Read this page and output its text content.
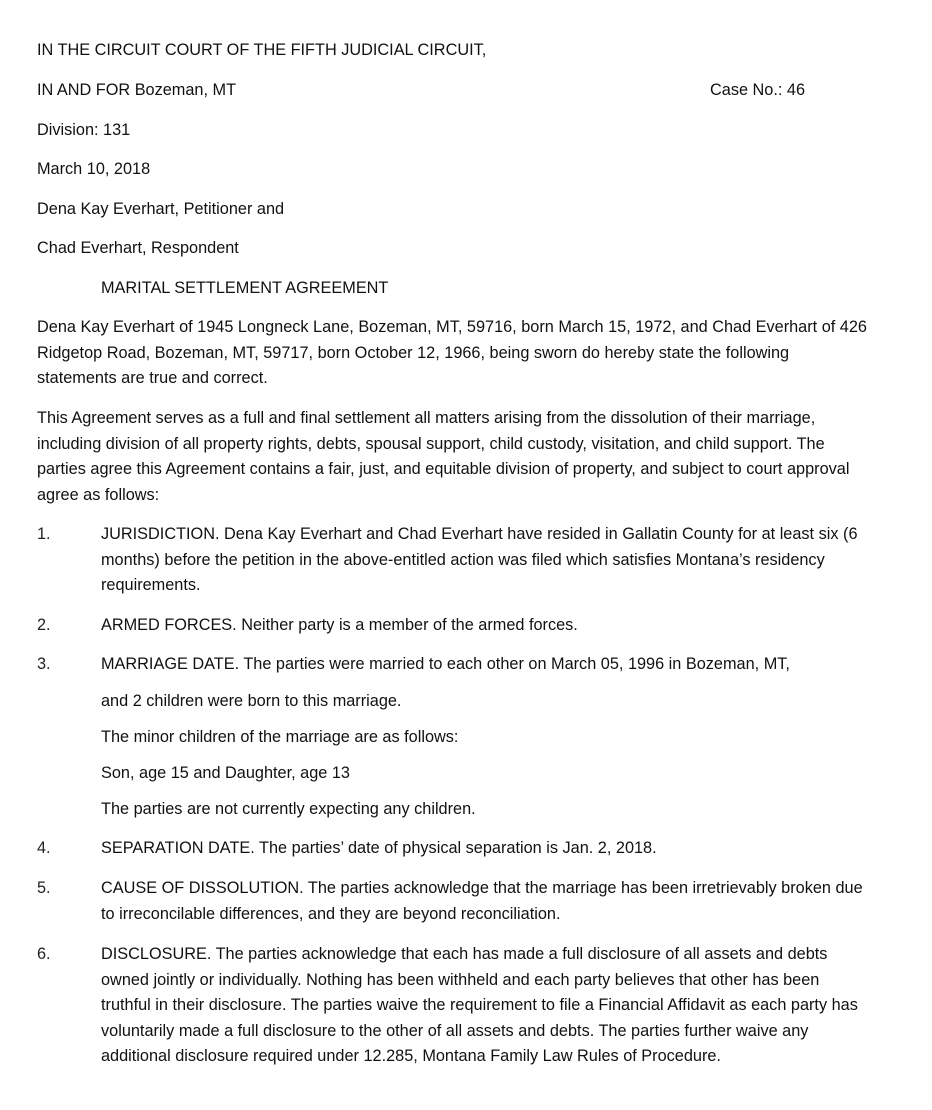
IN THE CIRCUIT COURT OF THE FIFTH JUDICIAL CIRCUIT,
IN AND FOR Bozeman, MT	Case No.: 46
Division: 131
March 10, 2018
Dena Kay Everhart, Petitioner and
Chad Everhart, Respondent
MARITAL SETTLEMENT AGREEMENT
Dena Kay Everhart of 1945 Longneck Lane, Bozeman, MT, 59716, born March 15, 1972, and Chad Everhart of 426 Ridgetop Road, Bozeman, MT, 59717, born October 12, 1966, being sworn do hereby state the following statements are true and correct.
This Agreement serves as a full and final settlement all matters arising from the dissolution of their marriage, including division of all property rights, debts, spousal support, child custody, visitation, and child support. The parties agree this Agreement contains a fair, just, and equitable division of property, and subject to court approval agree as follows:
1.	JURISDICTION. Dena Kay Everhart and Chad Everhart have resided in Gallatin County for at least six (6 months) before the petition in the above-entitled action was filed which satisfies Montana’s residency requirements.
2.	ARMED FORCES. Neither party is a member of the armed forces.
3.	MARRIAGE DATE. The parties were married to each other on March 05, 1996 in Bozeman, MT,
and 2 children were born to this marriage.
The minor children of the marriage are as follows:
Son, age 15 and Daughter, age 13
The parties are not currently expecting any children.
4.	SEPARATION DATE. The parties’ date of physical separation is Jan. 2, 2018.
5.	CAUSE OF DISSOLUTION. The parties acknowledge that the marriage has been irretrievably broken due to irreconcilable differences, and they are beyond reconciliation.
6.	DISCLOSURE. The parties acknowledge that each has made a full disclosure of all assets and debts owned jointly or individually. Nothing has been withheld and each party believes that other has been truthful in their disclosure. The parties waive the requirement to file a Financial Affidavit as each party has voluntarily made a full disclosure to the other of all assets and debts. The parties further waive any additional disclosure required under 12.285, Montana Family Law Rules of Procedure.
